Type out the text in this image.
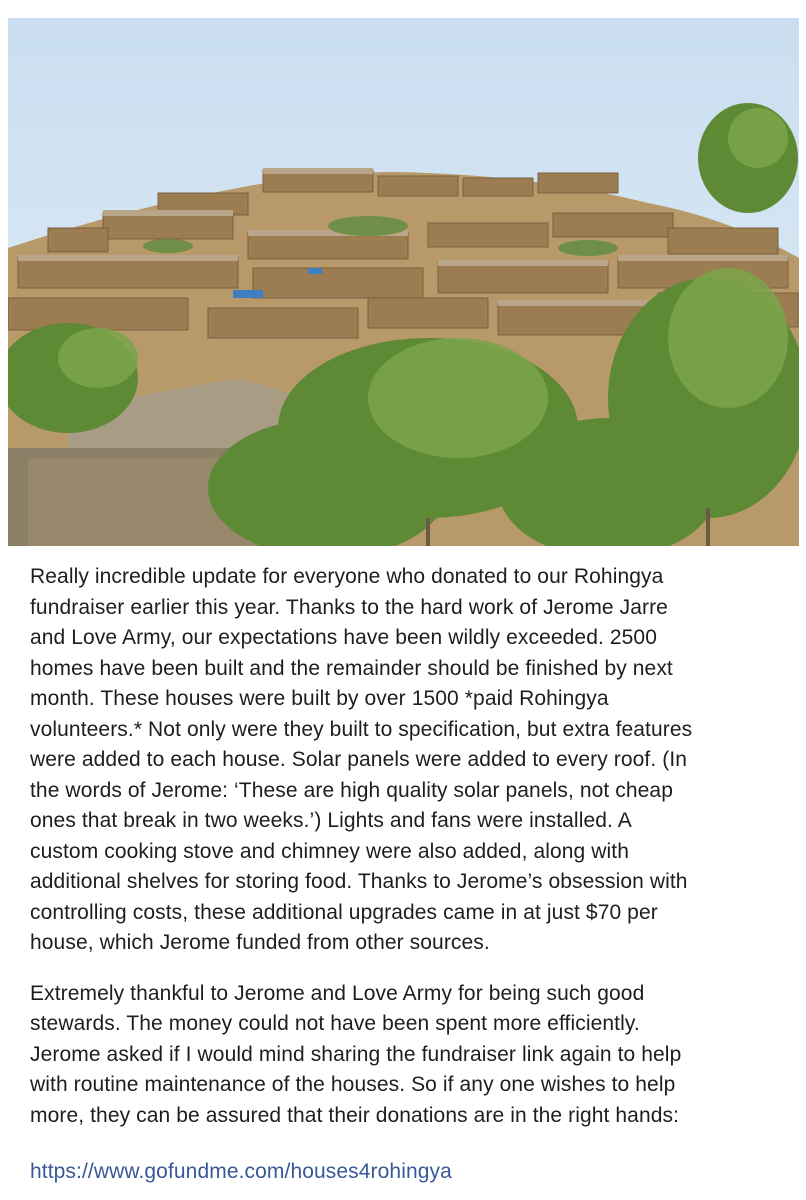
Really incredible update for everyone who donated to our Rohingya
fundraiser earlier this year. Thanks to the hard work of Jerome Jarre
and Love Army, our expectations have been wildly exceeded. 2500
homes have been built and the remainder should be finished by next
month. These houses were built by over 1500 *paid Rohingya
volunteers.* Not only were they built to specification, but extra features
were added to each house. Solar panels were added to every roof. (In
the words of Jerome: ‘These are high quality solar panels, not cheap
ones that break in two weeks.’) Lights and fans were installed. A
custom cooking stove and chimney were also added, along with
additional shelves for storing food. Thanks to Jerome’s obsession with
controlling costs, these additional upgrades came in at just $70 per
house, which Jerome funded from other sources.

Extremely thankful to Jerome and Love Army for being such good
stewards. The money could not have been spent more efficiently.
Jerome asked if I would mind sharing the fundraiser link again to help
with routine maintenance of the houses. So if any one wishes to help
more, they can be assured that their donations are in the right hands:

https://www.gofundme.com/houses4rohingya
